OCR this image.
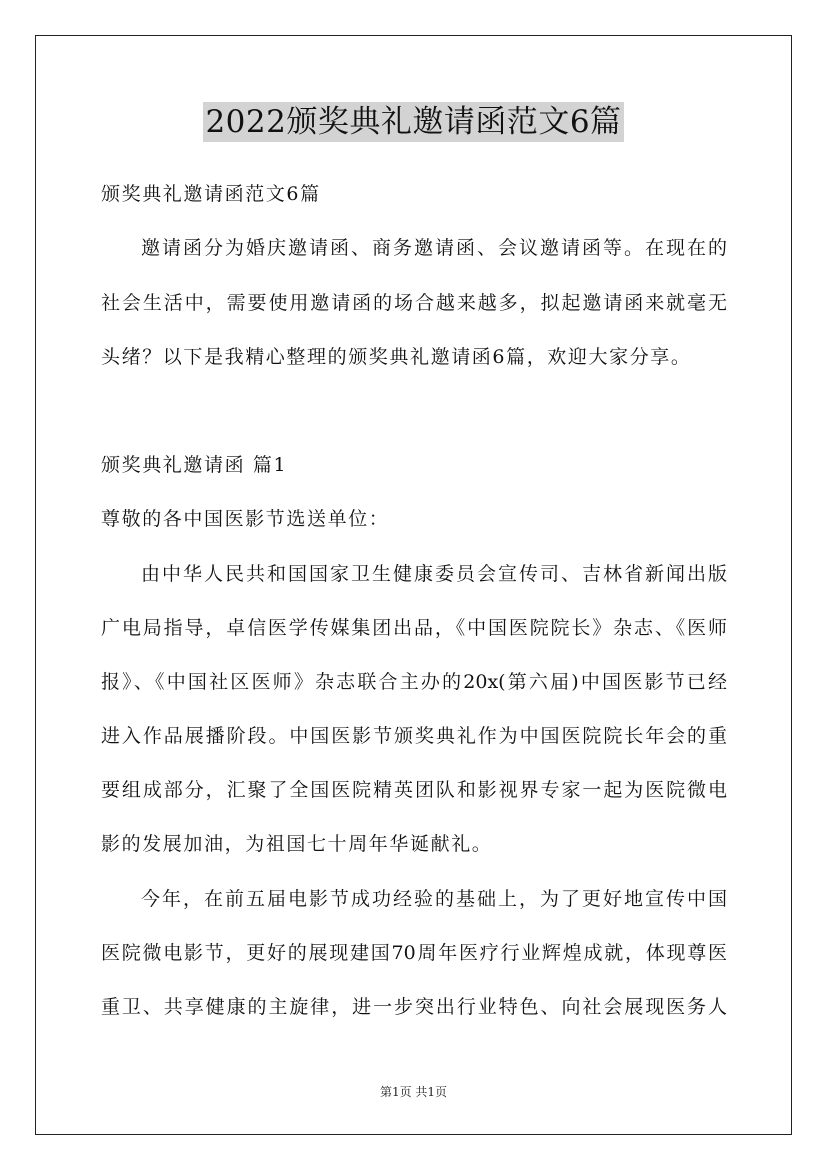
2022颁奖典礼邀请函范文6篇
颁奖典礼邀请函范文6篇
邀请函分为婚庆邀请函、商务邀请函、会议邀请函等。在现在的
社会生活中，需要使用邀请函的场合越来越多，拟起邀请函来就毫无
头绪？以下是我精心整理的颁奖典礼邀请函6篇，欢迎大家分享。
颁奖典礼邀请函 篇1
尊敬的各中国医影节选送单位：
由中华人民共和国国家卫生健康委员会宣传司、吉林省新闻出版
广电局指导，卓信医学传媒集团出品，《中国医院院长》杂志、《医师
报》、《中国社区医师》杂志联合主办的20x(第六届)中国医影节已经
进入作品展播阶段。中国医影节颁奖典礼作为中国医院院长年会的重
要组成部分，汇聚了全国医院精英团队和影视界专家一起为医院微电
影的发展加油，为祖国七十周年华诞献礼。
今年，在前五届电影节成功经验的基础上，为了更好地宣传中国
医院微电影节，更好的展现建国70周年医疗行业辉煌成就，体现尊医
重卫、共享健康的主旋律，进一步突出行业特色、向社会展现医务人
第1页 共1页
